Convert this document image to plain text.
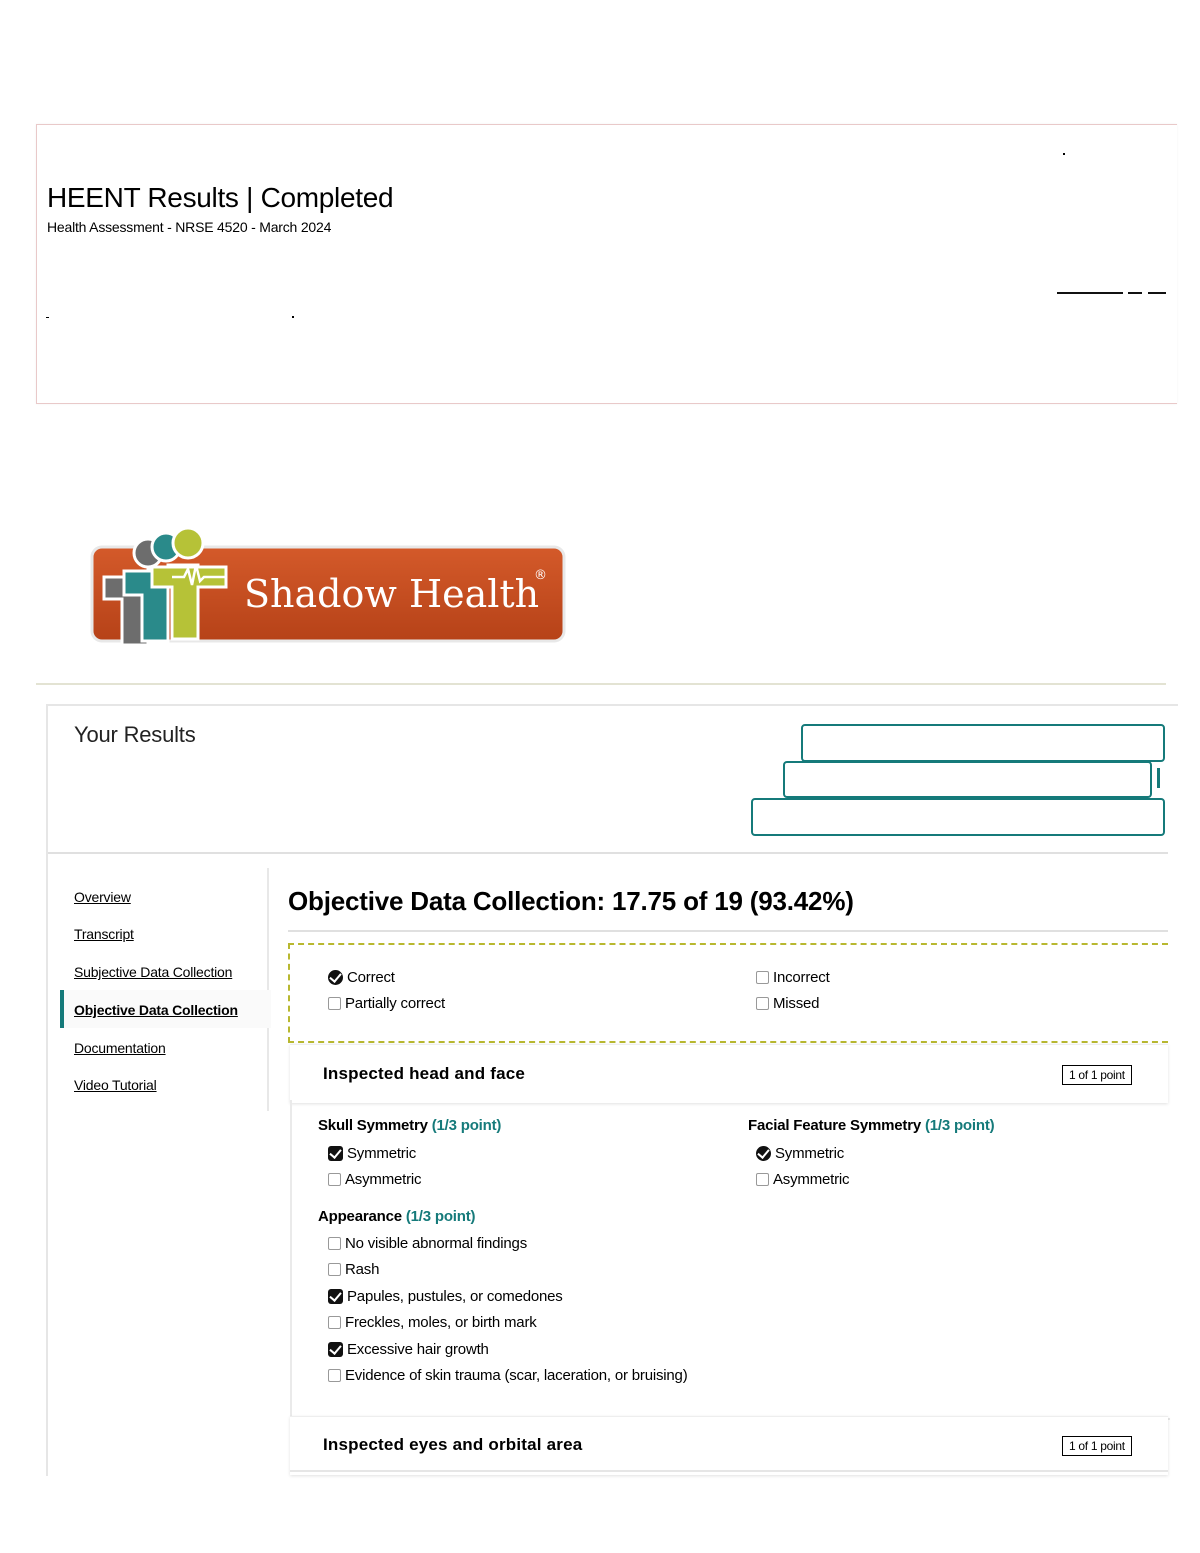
HEENT Results | Completed
Health Assessment - NRSE 4520 - March 2024
Shadow Health
®
Your Results
Overview
Transcript
Subjective Data Collection
Objective Data Collection
Documentation
Video Tutorial
Objective Data Collection: 17.75 of 19 (93.42%)
Correct
Partially correct
Incorrect
Missed
Inspected head and face	1 of 1 point
Skull Symmetry (1/3 point)
Symmetric
Asymmetric
Facial Feature Symmetry (1/3 point)
Symmetric
Asymmetric
Appearance (1/3 point)
No visible abnormal findings
Rash
Papules, pustules, or comedones
Freckles, moles, or birth mark
Excessive hair growth
Evidence of skin trauma (scar, laceration, or bruising)
Inspected eyes and orbital area	1 of 1 point
